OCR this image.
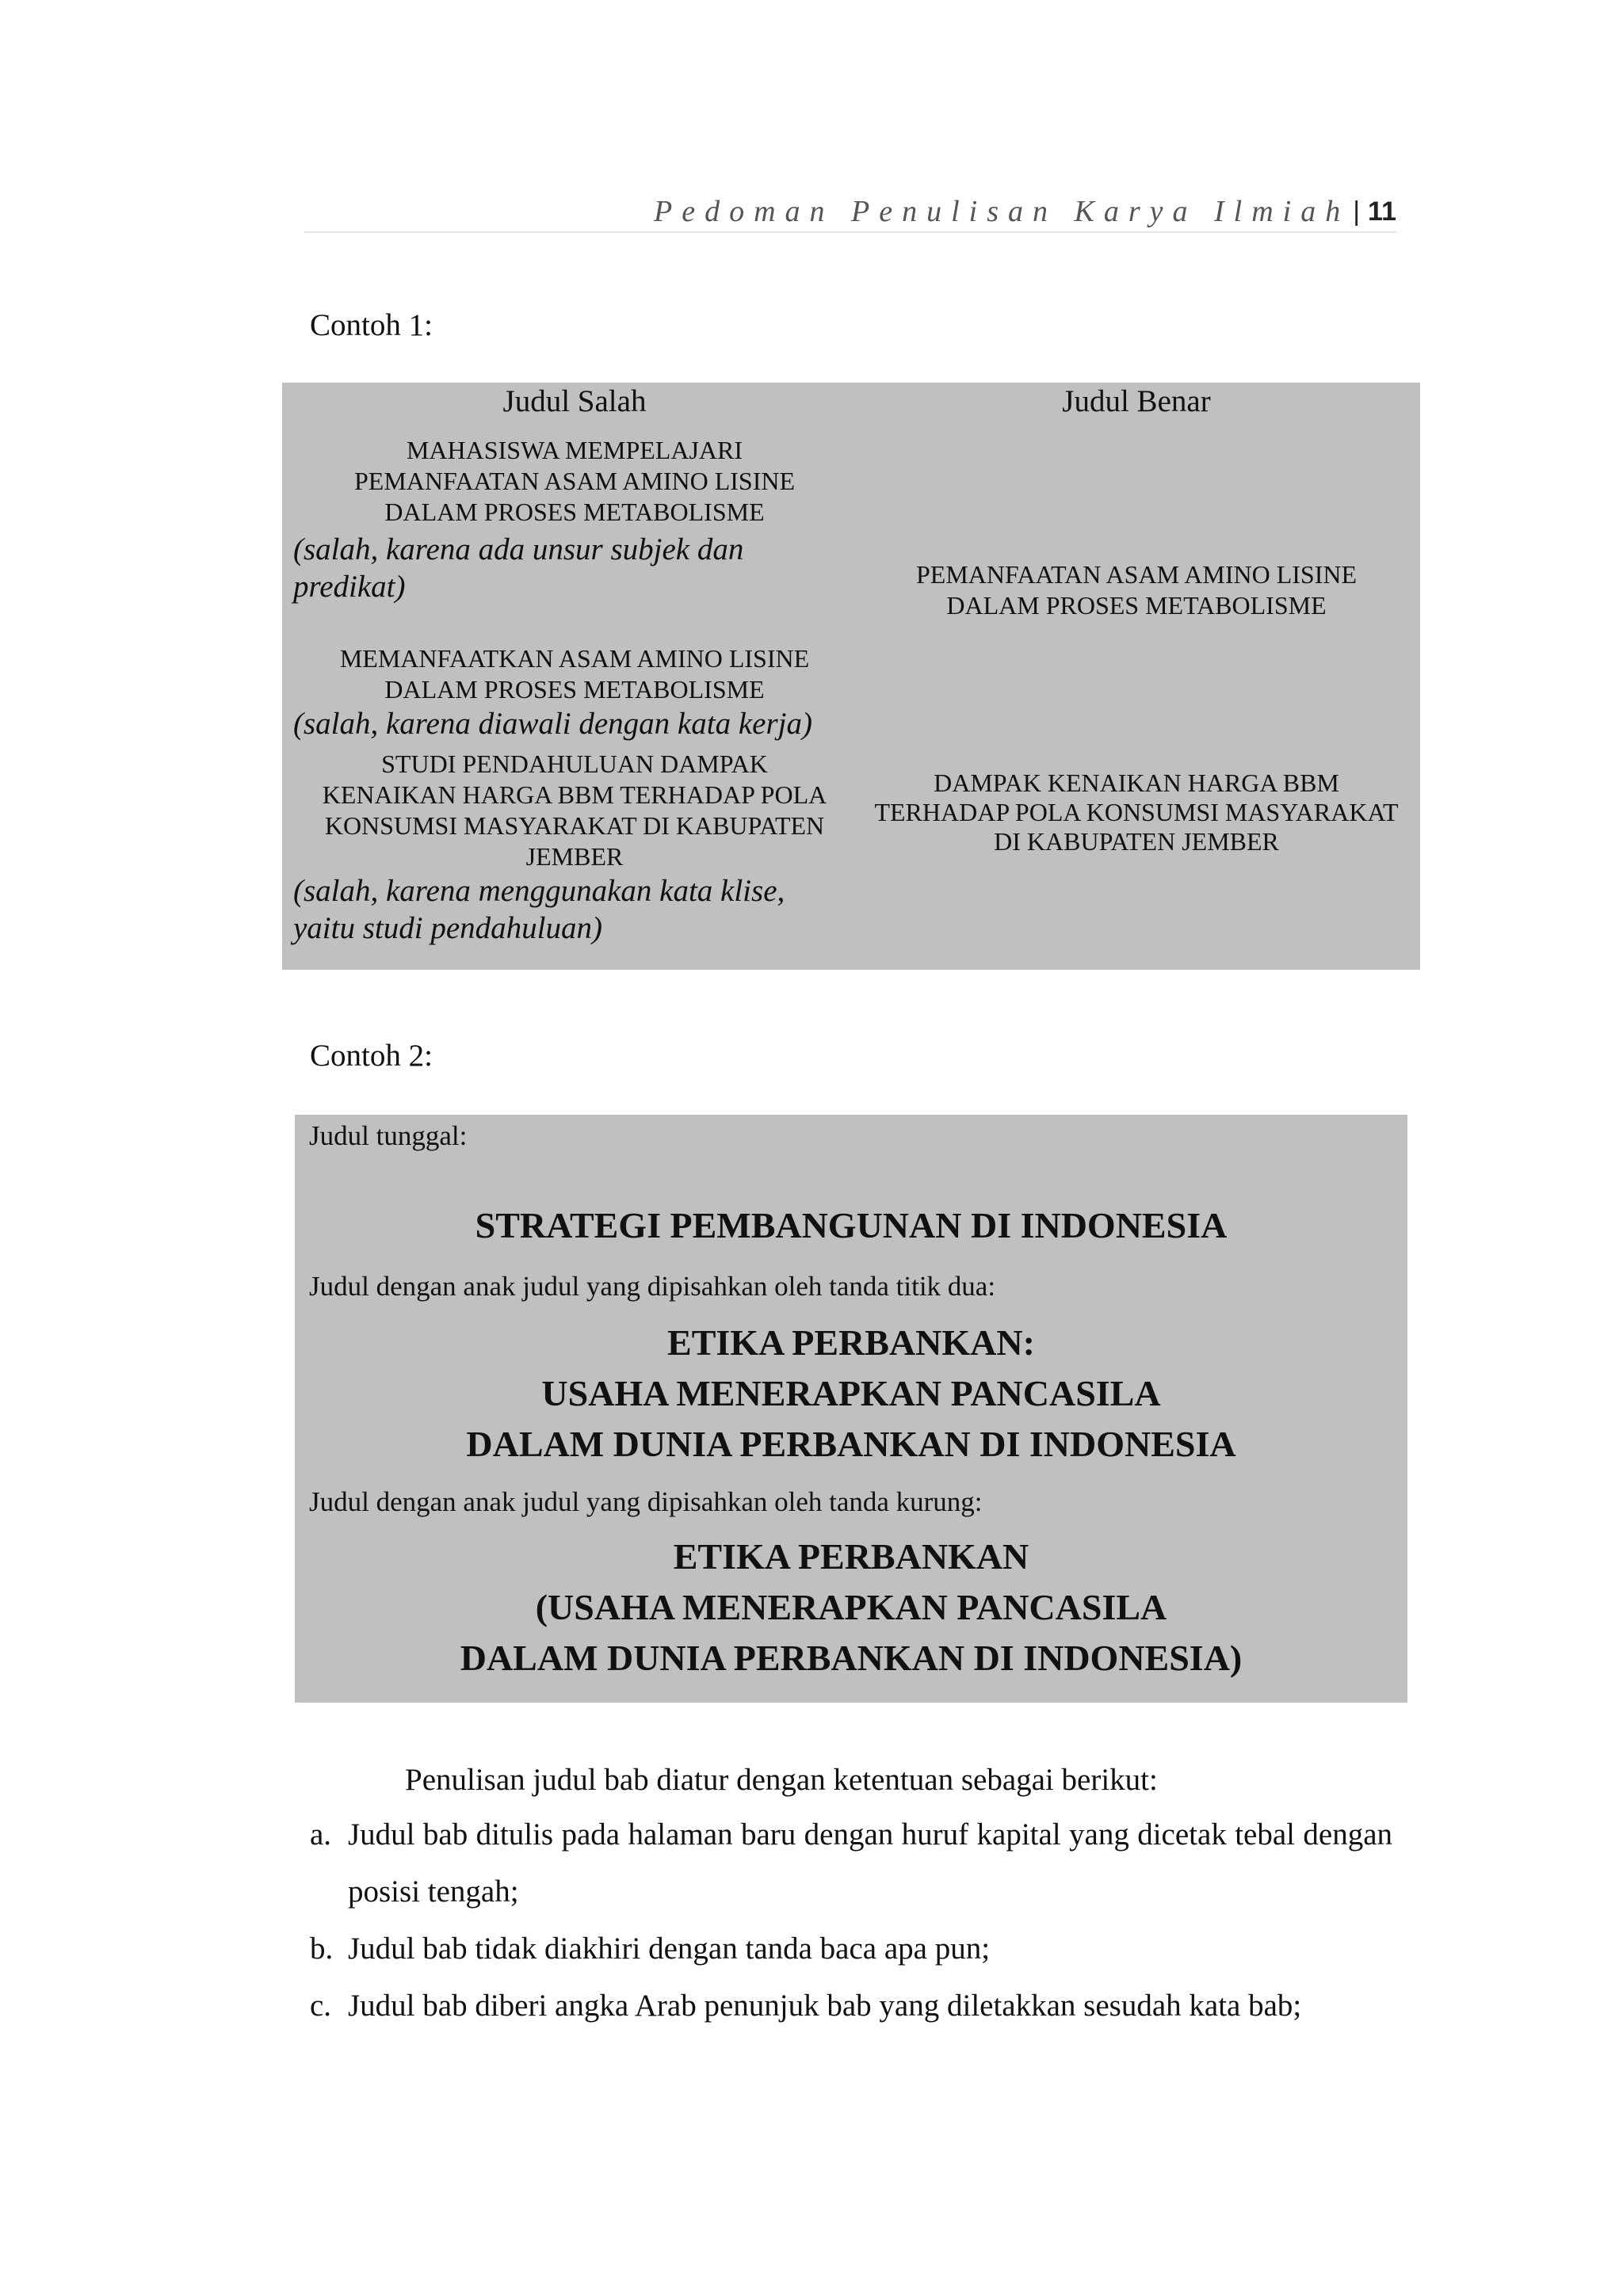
Pedoman Penulisan Karya Ilmiah | 11
Contoh 1:
Judul Salah	Judul Benar
MAHASISWA MEMPELAJARI
PEMANFAATAN ASAM AMINO LISINE
DALAM PROSES METABOLISME
(salah, karena ada unsur subjek dan
predikat)	PEMANFAATAN ASAM AMINO LISINE
DALAM PROSES METABOLISME
MEMANFAATKAN ASAM AMINO LISINE
DALAM PROSES METABOLISME
(salah, karena diawali dengan kata kerja)
STUDI PENDAHULUAN DAMPAK
KENAIKAN HARGA BBM TERHADAP POLA
KONSUMSI MASYARAKAT DI KABUPATEN
JEMBER
(salah, karena menggunakan kata klise,
yaitu studi pendahuluan)
DAMPAK KENAIKAN HARGA BBM
TERHADAP POLA KONSUMSI MASYARAKAT
DI KABUPATEN JEMBER
Contoh 2:
Judul tunggal:
STRATEGI PEMBANGUNAN DI INDONESIA
Judul dengan anak judul yang dipisahkan oleh tanda titik dua:
ETIKA PERBANKAN:
USAHA MENERAPKAN PANCASILA
DALAM DUNIA PERBANKAN DI INDONESIA
Judul dengan anak judul yang dipisahkan oleh tanda kurung:
ETIKA PERBANKAN
(USAHA MENERAPKAN PANCASILA
DALAM DUNIA PERBANKAN DI INDONESIA)
Penulisan judul bab diatur dengan ketentuan sebagai berikut:
a. Judul bab ditulis pada halaman baru dengan huruf kapital yang dicetak tebal dengan posisi tengah;
b. Judul bab tidak diakhiri dengan tanda baca apa pun;
c. Judul bab diberi angka Arab penunjuk bab yang diletakkan sesudah kata bab;
